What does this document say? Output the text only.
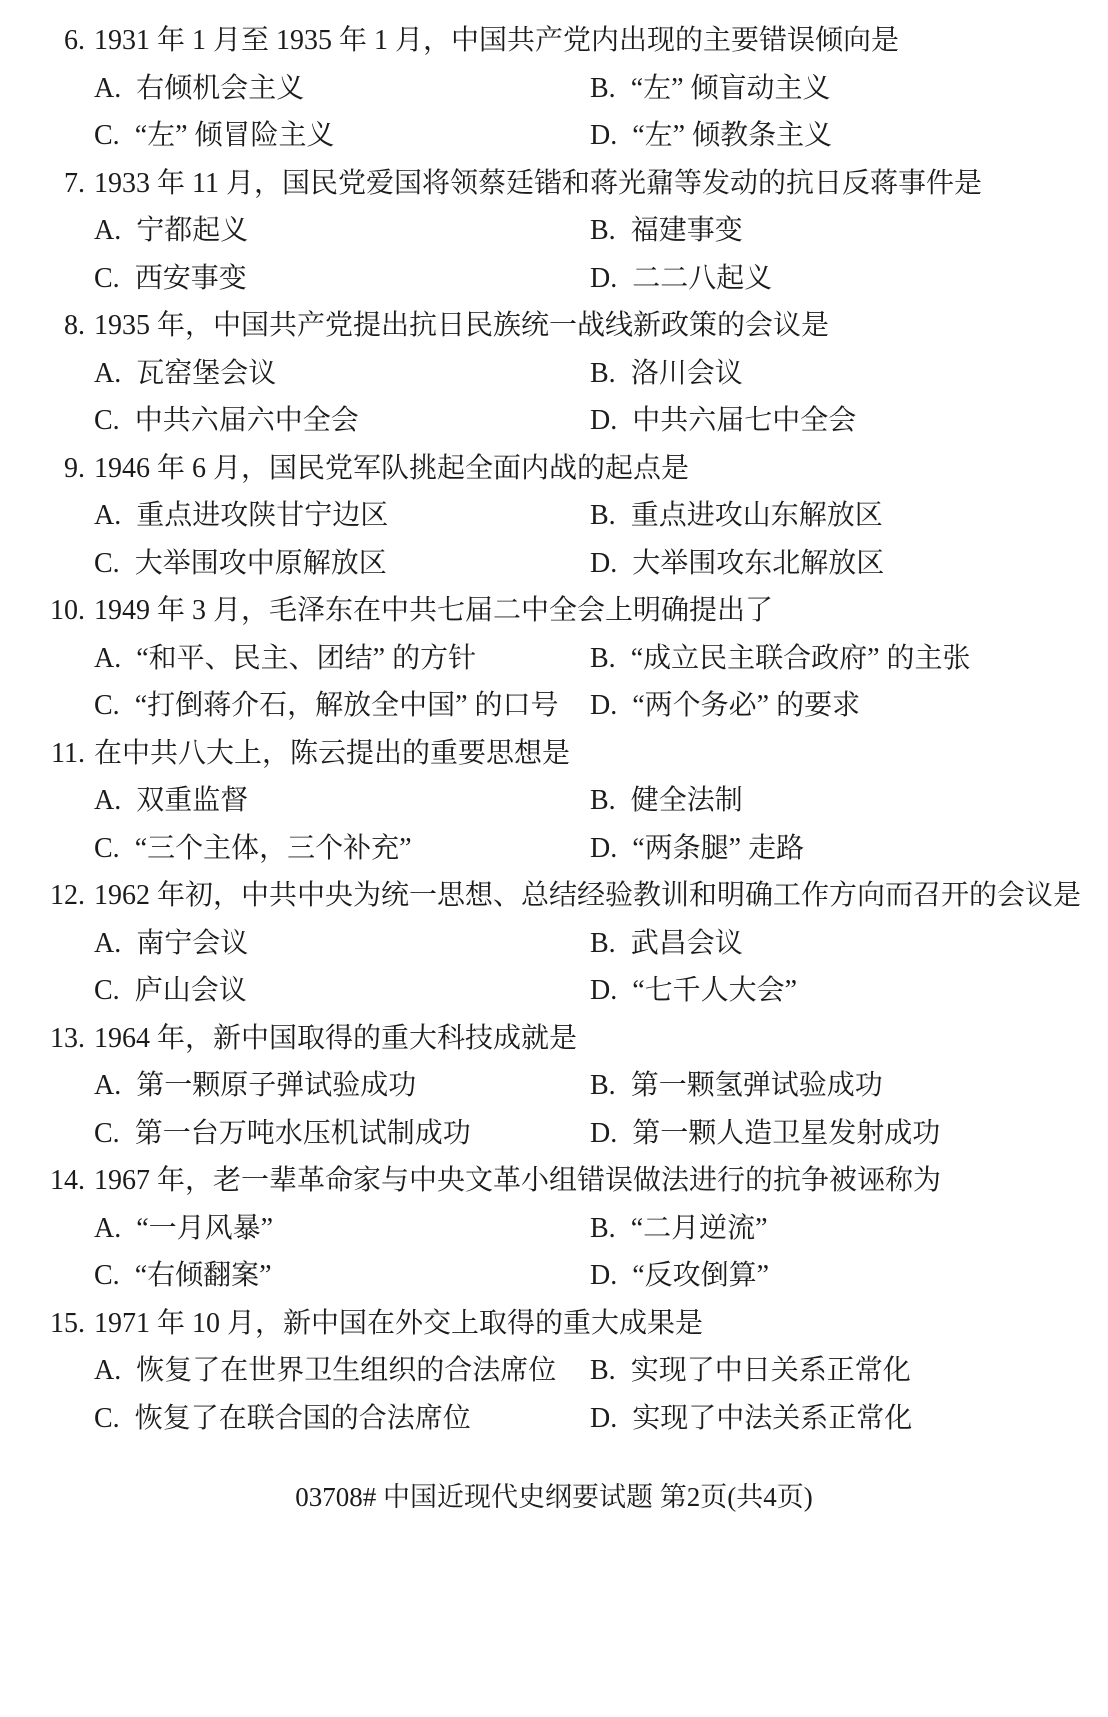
6. 1931 年 1 月至 1935 年 1 月，中国共产党内出现的主要错误倾向是
A. 右倾机会主义	B. “左” 倾盲动主义
C. “左” 倾冒险主义	D. “左” 倾教条主义
7. 1933 年 11 月，国民党爱国将领蔡廷锴和蒋光鼐等发动的抗日反蒋事件是
A. 宁都起义	B. 福建事变
C. 西安事变	D. 二二八起义
8. 1935 年，中国共产党提出抗日民族统一战线新政策的会议是
A. 瓦窑堡会议	B. 洛川会议
C. 中共六届六中全会	D. 中共六届七中全会
9. 1946 年 6 月，国民党军队挑起全面内战的起点是
A. 重点进攻陕甘宁边区	B. 重点进攻山东解放区
C. 大举围攻中原解放区	D. 大举围攻东北解放区
10. 1949 年 3 月，毛泽东在中共七届二中全会上明确提出了
A. “和平、民主、团结” 的方针	B. “成立民主联合政府” 的主张
C. “打倒蒋介石，解放全中国” 的口号 D. “两个务必” 的要求
11. 在中共八大上，陈云提出的重要思想是
A. 双重监督	B. 健全法制
C. “三个主体，三个补充”	D. “两条腿” 走路
12. 1962 年初，中共中央为统一思想、总结经验教训和明确工作方向而召开的会议是
A. 南宁会议	B. 武昌会议
C. 庐山会议	D. “七千人大会”
13. 1964 年，新中国取得的重大科技成就是
A. 第一颗原子弹试验成功	B. 第一颗氢弹试验成功
C. 第一台万吨水压机试制成功	D. 第一颗人造卫星发射成功
14. 1967 年，老一辈革命家与中央文革小组错误做法进行的抗争被诬称为
A. “一月风暴”	B. “二月逆流”
C. “右倾翻案”	D. “反攻倒算”
15. 1971 年 10 月，新中国在外交上取得的重大成果是
A. 恢复了在世界卫生组织的合法席位 B. 实现了中日关系正常化
C. 恢复了在联合国的合法席位	D. 实现了中法关系正常化
03708# 中国近现代史纲要试题 第2页(共4页)
